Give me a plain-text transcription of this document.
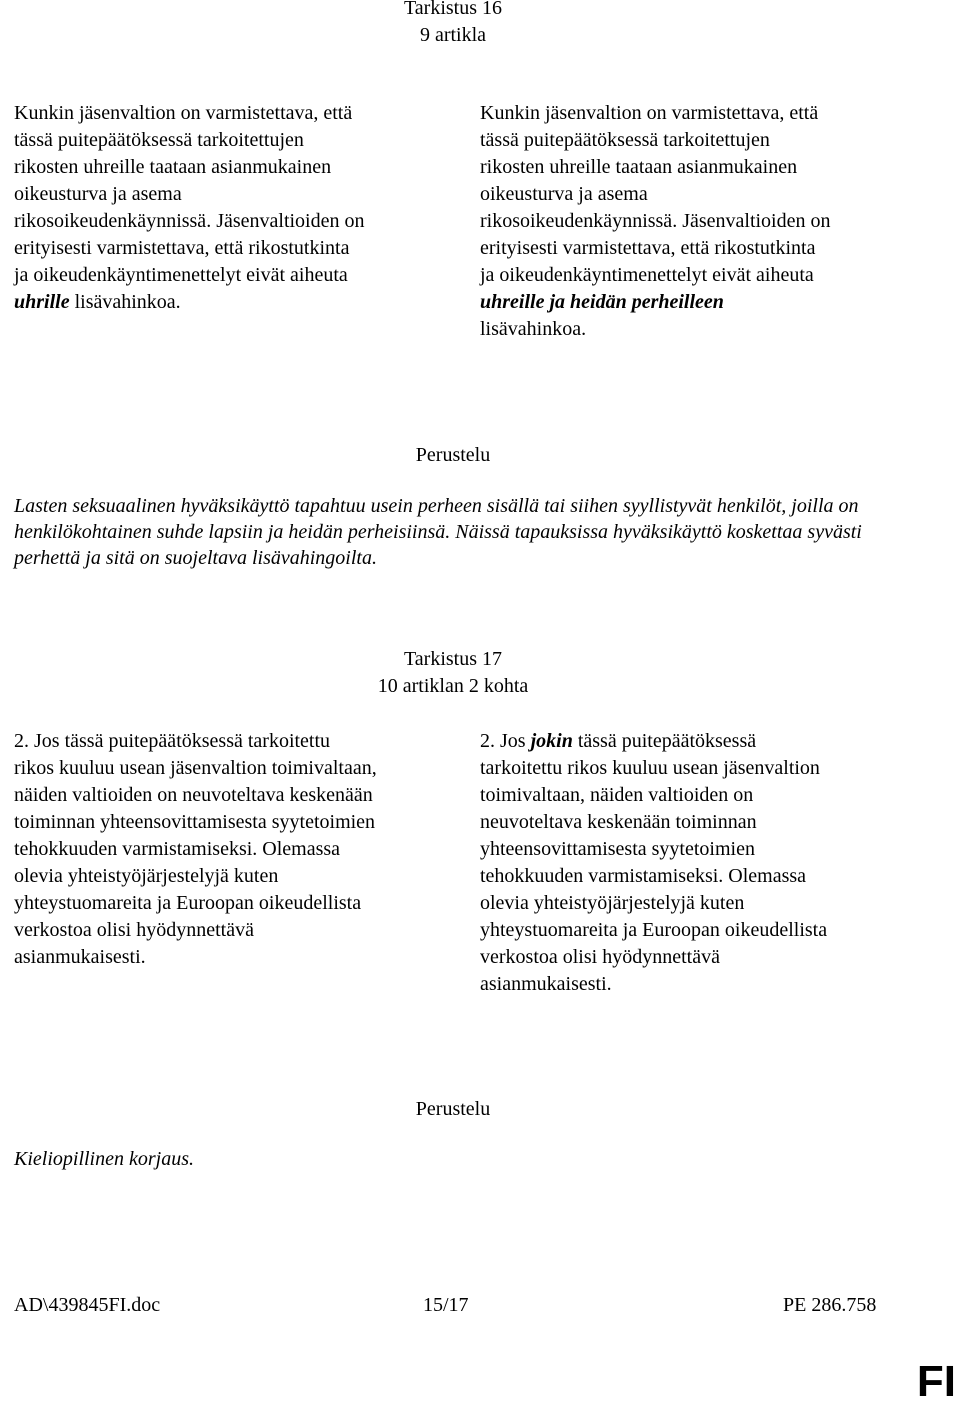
Tarkistus 16
9 artikla
Kunkin jäsenvaltion on varmistettava, että
tässä puitepäätöksessä tarkoitettujen
rikosten uhreille taataan asianmukainen
oikeusturva ja asema
rikosoikeudenkäynnissä. Jäsenvaltioiden on
erityisesti varmistettava, että rikostutkinta
ja oikeudenkäyntimenettelyt eivät aiheuta
uhrille lisävahinkoa.
Kunkin jäsenvaltion on varmistettava, että
tässä puitepäätöksessä tarkoitettujen
rikosten uhreille taataan asianmukainen
oikeusturva ja asema
rikosoikeudenkäynnissä. Jäsenvaltioiden on
erityisesti varmistettava, että rikostutkinta
ja oikeudenkäyntimenettelyt eivät aiheuta
uhreille ja heidän perheilleen
lisävahinkoa.
Perustelu
Lasten seksuaalinen hyväksikäyttö tapahtuu usein perheen sisällä tai siihen syyllistyvät henkilöt, joilla on henkilökohtainen suhde lapsiin ja heidän perheisiinsä. Näissä tapauksissa hyväksikäyttö koskettaa syvästi perhettä ja sitä on suojeltava lisävahingoilta.
Tarkistus 17
10 artiklan 2 kohta
2. Jos tässä puitepäätöksessä tarkoitettu
rikos kuuluu usean jäsenvaltion toimivaltaan,
näiden valtioiden on neuvoteltava keskenään
toiminnan yhteensovittamisesta syytetoimien
tehokkuuden varmistamiseksi. Olemassa
olevia yhteistyöjärjestelyjä kuten
yhteystuomareita ja Euroopan oikeudellista
verkostoa olisi hyödynnettävä
asianmukaisesti.
2. Jos jokin tässä puitepäätöksessä
tarkoitettu rikos kuuluu usean jäsenvaltion
toimivaltaan, näiden valtioiden on
neuvoteltava keskenään toiminnan
yhteensovittamisesta syytetoimien
tehokkuuden varmistamiseksi. Olemassa
olevia yhteistyöjärjestelyjä kuten
yhteystuomareita ja Euroopan oikeudellista
verkostoa olisi hyödynnettävä
asianmukaisesti.
Perustelu
Kieliopillinen korjaus.
AD\439845FI.doc	15/17	PE 286.758
FI
